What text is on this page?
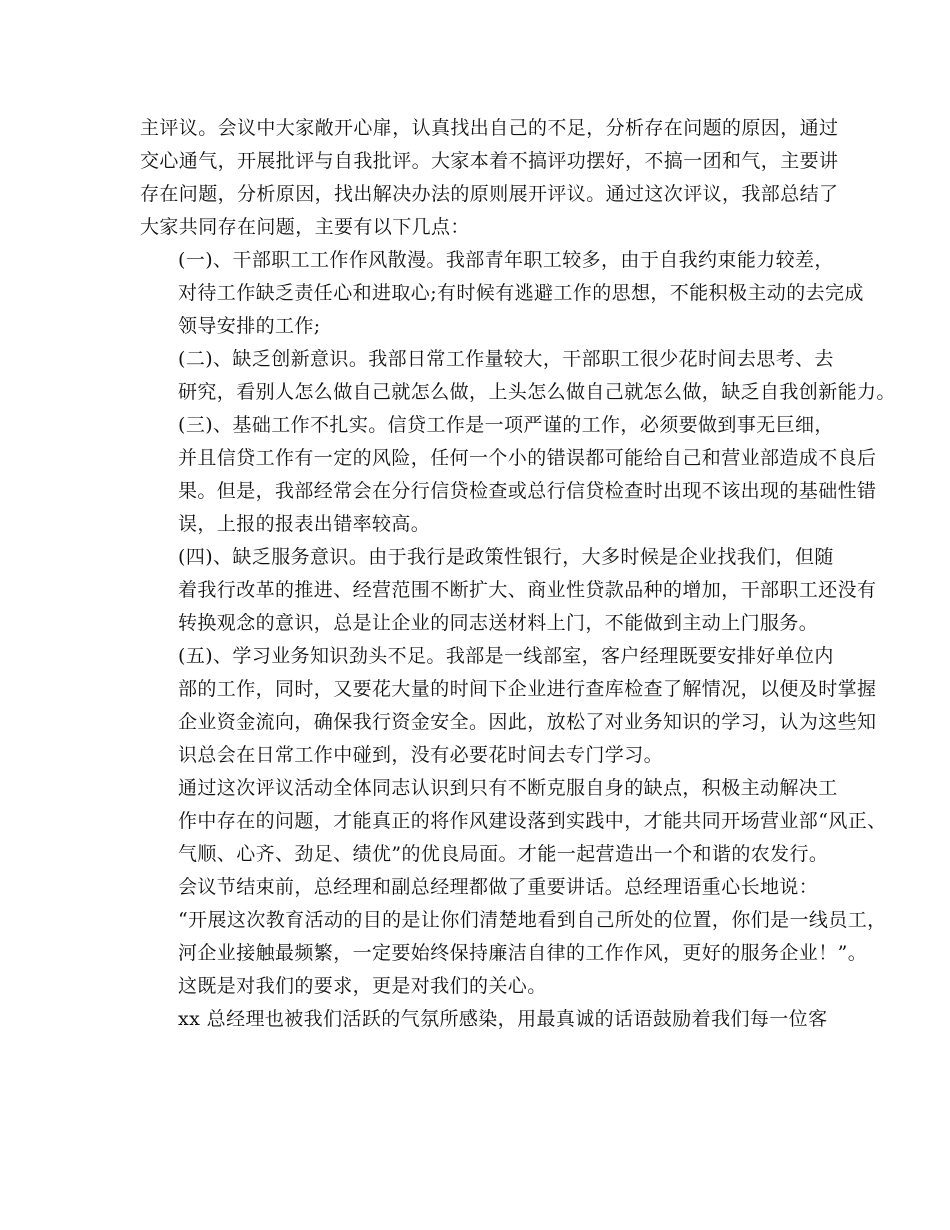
主评议。会议中大家敞开心扉，认真找出自己的不足，分析存在问题的原因，通过
交心通气，开展批评与自我批评。大家本着不搞评功摆好，不搞一团和气，主要讲
存在问题，分析原因，找出解决办法的原则展开评议。通过这次评议，我部总结了
大家共同存在问题，主要有以下几点：

(一)、干部职工工作作风散漫。我部青年职工较多，由于自我约束能力较差，
对待工作缺乏责任心和进取心;有时候有逃避工作的思想，不能积极主动的去完成
领导安排的工作;

(二)、缺乏创新意识。我部日常工作量较大，干部职工很少花时间去思考、去
研究，看别人怎么做自己就怎么做，上头怎么做自己就怎么做，缺乏自我创新能力。

(三)、基础工作不扎实。信贷工作是一项严谨的工作，必须要做到事无巨细，
并且信贷工作有一定的风险，任何一个小的错误都可能给自己和营业部造成不良后
果。但是，我部经常会在分行信贷检查或总行信贷检查时出现不该出现的基础性错
误，上报的报表出错率较高。

(四)、缺乏服务意识。由于我行是政策性银行，大多时候是企业找我们，但随
着我行改革的推进、经营范围不断扩大、商业性贷款品种的增加，干部职工还没有
转换观念的意识，总是让企业的同志送材料上门，不能做到主动上门服务。

(五)、学习业务知识劲头不足。我部是一线部室，客户经理既要安排好单位内
部的工作，同时，又要花大量的时间下企业进行查库检查了解情况，以便及时掌握
企业资金流向，确保我行资金安全。因此，放松了对业务知识的学习，认为这些知
识总会在日常工作中碰到，没有必要花时间去专门学习。

通过这次评议活动全体同志认识到只有不断克服自身的缺点，积极主动解决工
作中存在的问题，才能真正的将作风建设落到实践中，才能共同开场营业部“风正、
气顺、心齐、劲足、绩优”的优良局面。才能一起营造出一个和谐的农发行。

会议节结束前，总经理和副总经理都做了重要讲话。总经理语重心长地说：
“开展这次教育活动的目的是让你们清楚地看到自己所处的位置，你们是一线员工，
河企业接触最频繁，一定要始终保持廉洁自律的工作作风，更好的服务企业！”。
这既是对我们的要求，更是对我们的关心。

xx 总经理也被我们活跃的气氛所感染，用最真诚的话语鼓励着我们每一位客
